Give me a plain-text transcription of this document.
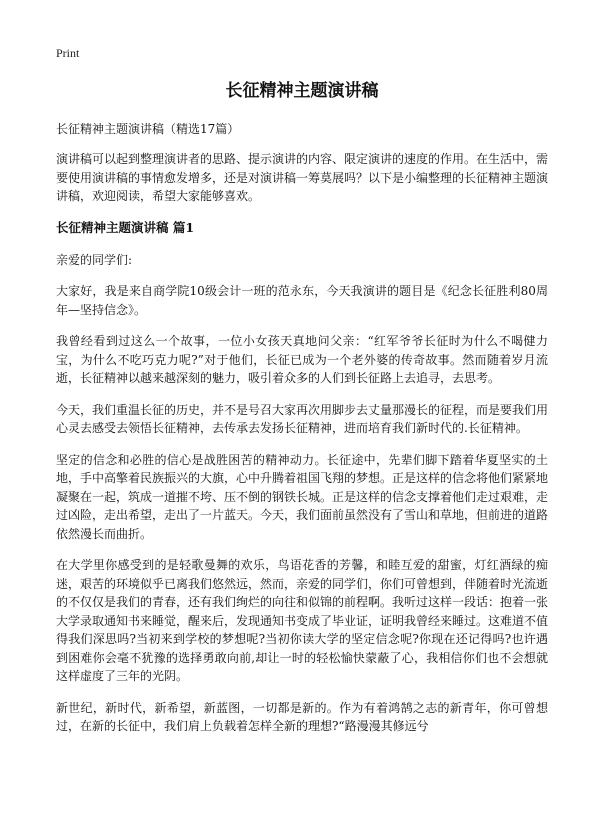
Print
长征精神主题演讲稿
长征精神主题演讲稿（精选17篇）

演讲稿可以起到整理演讲者的思路、提示演讲的内容、限定演讲的速度的作用。在生活中，需要使用演讲稿的事情愈发增多，还是对演讲稿一筹莫展吗？以下是小编整理的长征精神主题演讲稿，欢迎阅读，希望大家能够喜欢。

长征精神主题演讲稿 篇1

亲爱的同学们:

大家好，我是来自商学院10级会计一班的范永东，今天我演讲的题目是《纪念长征胜利80周年—坚持信念》。

我曾经看到过这么一个故事，一位小女孩天真地问父亲：“红军爷爷长征时为什么不喝健力宝，为什么不吃巧克力呢?”对于他们，长征已成为一个老外婆的传奇故事。然而随着岁月流逝，长征精神以越来越深刻的魅力，吸引着众多的人们到长征路上去追寻，去思考。

今天，我们重温长征的历史，并不是号召大家再次用脚步去丈量那漫长的征程，而是要我们用心灵去感受去领悟长征精神，去传承去发扬长征精神，进而培育我们新时代的.长征精神。

坚定的信念和必胜的信心是战胜困苦的精神动力。长征途中，先辈们脚下踏着华夏坚实的土地，手中高擎着民族振兴的大旗，心中升腾着祖国飞翔的梦想。正是这样的信念将他们紧紧地凝聚在一起，筑成一道摧不垮、压不倒的钢铁长城。正是这样的信念支撑着他们走过艰难，走过凶险，走出希望，走出了一片蓝天。今天，我们面前虽然没有了雪山和草地，但前进的道路依然漫长而曲折。

在大学里你感受到的是轻歌曼舞的欢乐，鸟语花香的芳馨，和睦互爱的甜蜜，灯红酒绿的痴迷，艰苦的环境似乎已离我们悠然远，然而，亲爱的同学们，你们可曾想到，伴随着时光流逝的不仅仅是我们的青春，还有我们绚烂的向往和似锦的前程啊。我听过这样一段话：抱着一张大学录取通知书来睡觉，醒来后，发现通知书变成了毕业证，证明我曾经来睡过。这难道不值得我们深思吗?当初来到学校的梦想呢?当初你读大学的坚定信念呢?你现在还记得吗?也许遇到困难你会毫不犹豫的选择勇敢向前,却让一时的轻松愉快蒙蔽了心，我相信你们也不会想就这样虚度了三年的光阴。

新世纪，新时代，新希望，新蓝图，一切都是新的。作为有着鸿鹄之志的新青年，你可曾想过，在新的长征中，我们肩上负载着怎样全新的理想?“路漫漫其修远兮
